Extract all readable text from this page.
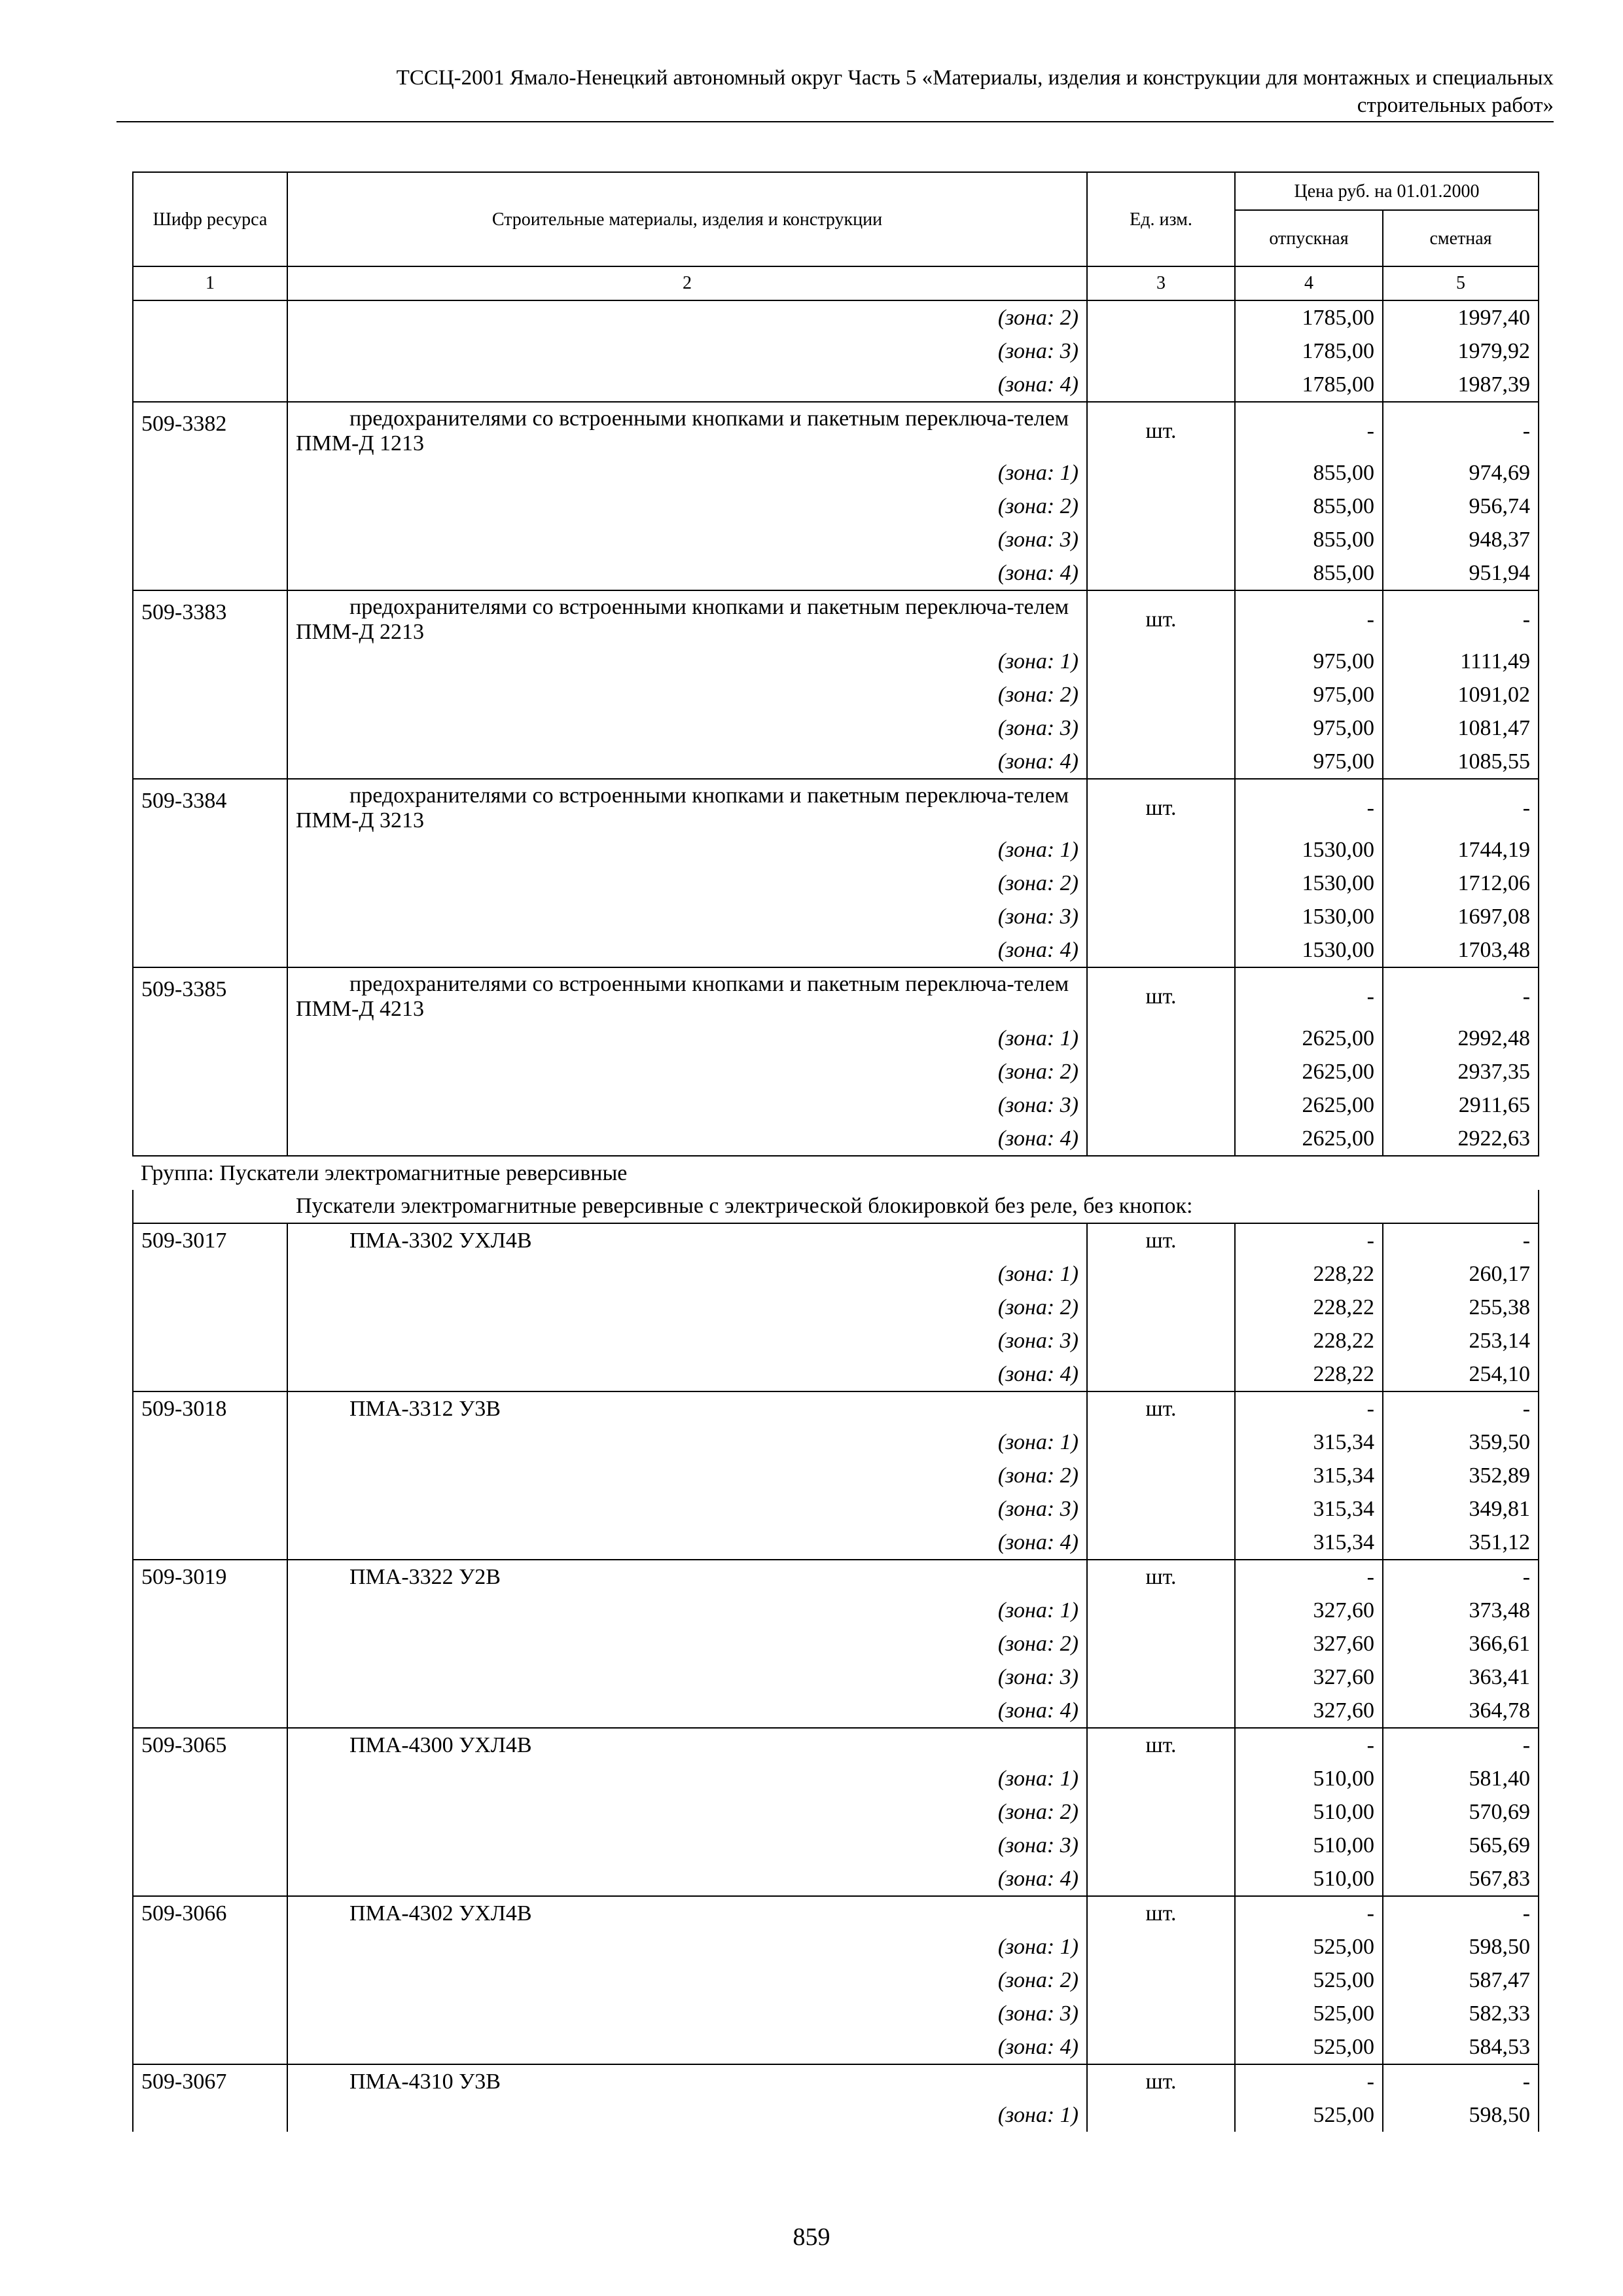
ТССЦ-2001 Ямало-Ненецкий автономный округ Часть 5 «Материалы, изделия и конструкции для монтажных и специальных
строительных работ»
Шифр ресурса	Строительные материалы, изделия и конструкции	Ед. изм.	Цена руб. на 01.01.2000	
			отпускная	сметная
1	2	3	4	5
	(зона: 2)		1785,00	1997,40
	(зона: 3)		1785,00	1979,92
	(зона: 4)		1785,00	1987,39
509-3382	предохранителями со встроенными кнопками и пакетным переключа-телем ПММ-Д 1213	шт.	-	-
	(зона: 1)		855,00	974,69
	(зона: 2)		855,00	956,74
	(зона: 3)		855,00	948,37
	(зона: 4)		855,00	951,94
509-3383	предохранителями со встроенными кнопками и пакетным переключа-телем ПММ-Д 2213	шт.	-	-
	(зона: 1)		975,00	1111,49
	(зона: 2)		975,00	1091,02
	(зона: 3)		975,00	1081,47
	(зона: 4)		975,00	1085,55
509-3384	предохранителями со встроенными кнопками и пакетным переключа-телем ПММ-Д 3213	шт.	-	-
	(зона: 1)		1530,00	1744,19
	(зона: 2)		1530,00	1712,06
	(зона: 3)		1530,00	1697,08
	(зона: 4)		1530,00	1703,48
509-3385	предохранителями со встроенными кнопками и пакетным переключа-телем ПММ-Д 4213	шт.	-	-
	(зона: 1)		2625,00	2992,48
	(зона: 2)		2625,00	2937,35
	(зона: 3)		2625,00	2911,65
	(зона: 4)		2625,00	2922,63
Группа: Пускатели электромагнитные реверсивные				
Пускатели электромагнитные реверсивные с электрической блокировкой без реле, без кнопок:				
509-3017	ПМА-3302 УХЛ4В	шт.	-	-
	(зона: 1)		228,22	260,17
	(зона: 2)		228,22	255,38
	(зона: 3)		228,22	253,14
	(зона: 4)		228,22	254,10
509-3018	ПМА-3312 У3В	шт.	-	-
	(зона: 1)		315,34	359,50
	(зона: 2)		315,34	352,89
	(зона: 3)		315,34	349,81
	(зона: 4)		315,34	351,12
509-3019	ПМА-3322 У2В	шт.	-	-
	(зона: 1)		327,60	373,48
	(зона: 2)		327,60	366,61
	(зона: 3)		327,60	363,41
	(зона: 4)		327,60	364,78
509-3065	ПМА-4300 УХЛ4В	шт.	-	-
	(зона: 1)		510,00	581,40
	(зона: 2)		510,00	570,69
	(зона: 3)		510,00	565,69
	(зона: 4)		510,00	567,83
509-3066	ПМА-4302 УХЛ4В	шт.	-	-
	(зона: 1)		525,00	598,50
	(зона: 2)		525,00	587,47
	(зона: 3)		525,00	582,33
	(зона: 4)		525,00	584,53
509-3067	ПМА-4310 У3В	шт.	-	-
	(зона: 1)		525,00	598,50
859
